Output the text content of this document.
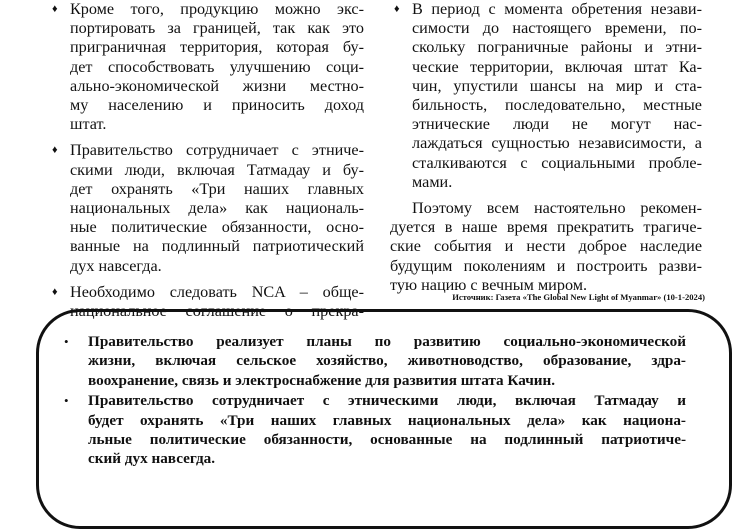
♦ Кроме того, продукцию можно экс-
портировать за границей, так как это
приграничная территория, которая бу-
дет способствовать улучшению соци-
ально-экономической жизни местно-
му населению и приносить доход
штат.
♦ Правительство сотрудничает с этниче-
скими люди, включая Татмадау и бу-
дет охранять «Три наших главных
национальных дела» как националь-
ные политические обязанности, осно-
ванные на подлинный патриотический
дух навсегда.
♦ Необходимо следовать NCA – обще-
национальное соглашение о прекра-
♦ В период с момента обретения незави-
симости до настоящего времени, по-
скольку пограничные районы и этни-
ческие территории, включая штат Ка-
чин, упустили шансы на мир и ста-
бильность, последовательно, местные
этнические люди не могут нас-
лаждаться сущностью независимости, а
сталкиваются с социальными пробле-
мами.
Поэтому всем настоятельно рекомен-
дуется в наше время прекратить трагиче-
ские события и нести доброе наследие
будущим поколениям и построить разви-
тую нацию с вечным миром.
Источник: Газета «The Global New Light of Myanmar» (10-1-2024)
• Правительство реализует планы по развитию социально-экономической
жизни, включая сельское хозяйство, животноводство, образование, здра-
воохранение, связь и электроснабжение для развития штата Качин.
• Правительство сотрудничает с этническими люди, включая Татмадау и
будет охранять «Три наших главных национальных дела» как национа-
льные политические обязанности, основанные на подлинный патриотиче-
ский дух навсегда.
